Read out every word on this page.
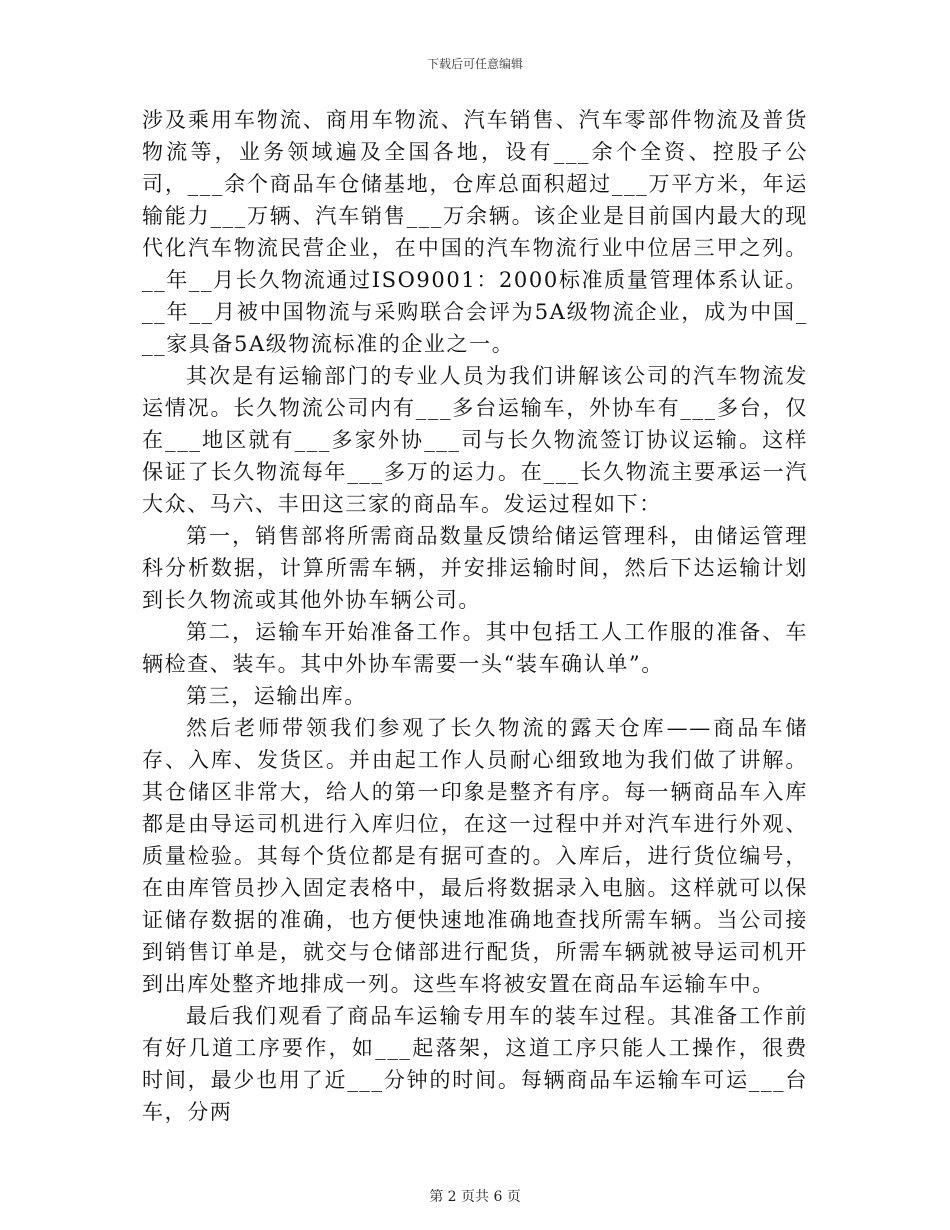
下载后可任意编辑

涉及乘用车物流、商用车物流、汽车销售、汽车零部件物流及普货物流等，业务领域遍及全国各地，设有___余个全资、控股子公司，___余个商品车仓储基地，仓库总面积超过___万平方米，年运输能力___万辆、汽车销售___万余辆。该企业是目前国内最大的现代化汽车物流民营企业，在中国的汽车物流行业中位居三甲之列。__年__月长久物流通过ISO9001：2000标准质量管理体系认证。__年__月被中国物流与采购联合会评为5A级物流企业，成为中国___家具备5A级物流标准的企业之一。

其次是有运输部门的专业人员为我们讲解该公司的汽车物流发运情况。长久物流公司内有___多台运输车，外协车有___多台，仅在___地区就有___多家外协___司与长久物流签订协议运输。这样保证了长久物流每年___多万的运力。在___长久物流主要承运一汽大众、马六、丰田这三家的商品车。发运过程如下：

第一，销售部将所需商品数量反馈给储运管理科，由储运管理科分析数据，计算所需车辆，并安排运输时间，然后下达运输计划到长久物流或其他外协车辆公司。

第二，运输车开始准备工作。其中包括工人工作服的准备、车辆检查、装车。其中外协车需要一头“装车确认单”。

第三，运输出库。

然后老师带领我们参观了长久物流的露天仓库——商品车储存、入库、发货区。并由起工作人员耐心细致地为我们做了讲解。其仓储区非常大，给人的第一印象是整齐有序。每一辆商品车入库都是由导运司机进行入库归位，在这一过程中并对汽车进行外观、质量检验。其每个货位都是有据可查的。入库后，进行货位编号，在由库管员抄入固定表格中，最后将数据录入电脑。这样就可以保证储存数据的准确，也方便快速地准确地查找所需车辆。当公司接到销售订单是，就交与仓储部进行配货，所需车辆就被导运司机开到出库处整齐地排成一列。这些车将被安置在商品车运输车中。

最后我们观看了商品车运输专用车的装车过程。其准备工作前有好几道工序要作，如___起落架，这道工序只能人工操作，很费时间，最少也用了近___分钟的时间。每辆商品车运输车可运___台车，分两

第 2 页共 6 页
